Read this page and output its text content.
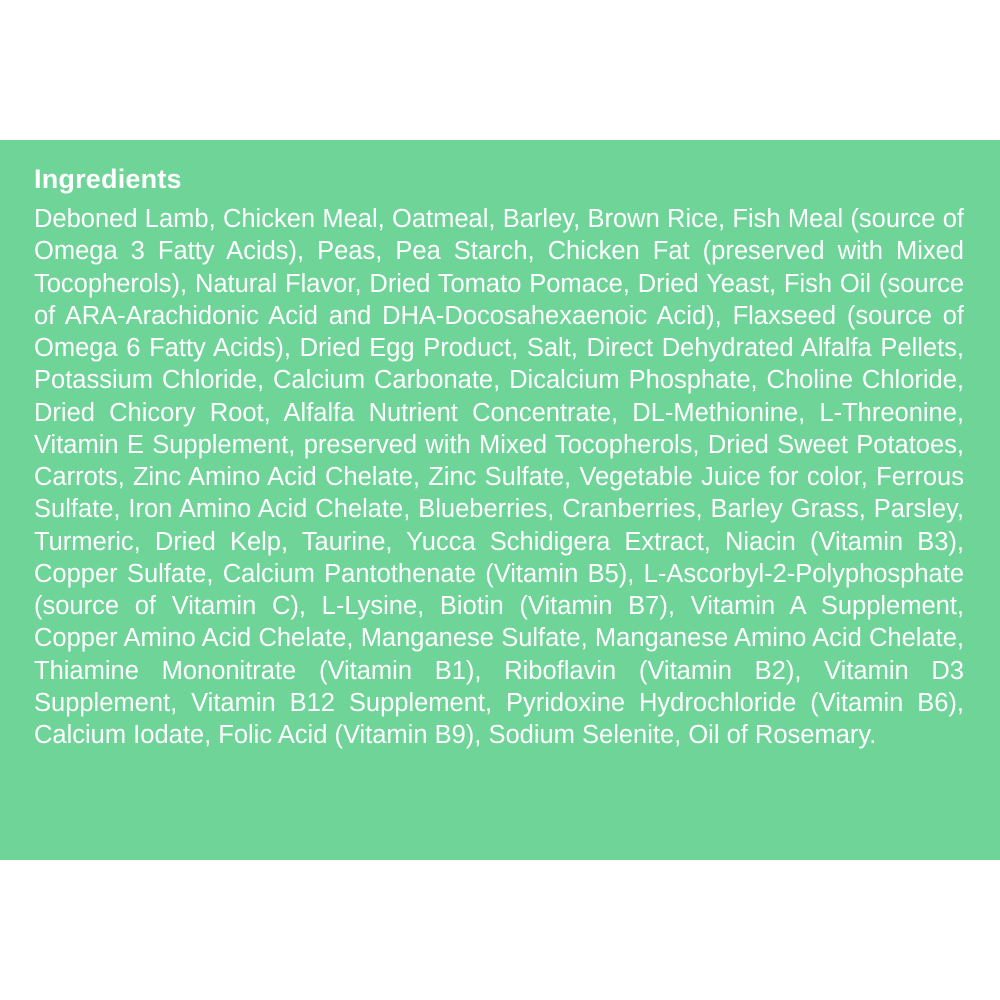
Ingredients

Deboned Lamb, Chicken Meal, Oatmeal, Barley, Brown Rice, Fish Meal (source of Omega 3 Fatty Acids), Peas, Pea Starch, Chicken Fat (preserved with Mixed Tocopherols), Natural Flavor, Dried Tomato Pomace, Dried Yeast, Fish Oil (source of ARA-Arachidonic Acid and DHA-Docosahexaenoic Acid), Flaxseed (source of Omega 6 Fatty Acids), Dried Egg Product, Salt, Direct Dehydrated Alfalfa Pellets, Potassium Chloride, Calcium Carbonate, Dicalcium Phosphate, Choline Chloride, Dried Chicory Root, Alfalfa Nutrient Concentrate, DL-Methionine, L-Threonine, Vitamin E Supplement, preserved with Mixed Tocopherols, Dried Sweet Potatoes, Carrots, Zinc Amino Acid Chelate, Zinc Sulfate, Vegetable Juice for color, Ferrous Sulfate, Iron Amino Acid Chelate, Blueberries, Cranberries, Barley Grass, Parsley, Turmeric, Dried Kelp, Taurine, Yucca Schidigera Extract, Niacin (Vitamin B3), Copper Sulfate, Calcium Pantothenate (Vitamin B5), L-Ascorbyl-2-Polyphosphate (source of Vitamin C), L-Lysine, Biotin (Vitamin B7), Vitamin A Supplement, Copper Amino Acid Chelate, Manganese Sulfate, Manganese Amino Acid Chelate, Thiamine Mononitrate (Vitamin B1), Riboflavin (Vitamin B2), Vitamin D3 Supplement, Vitamin B12 Supplement, Pyridoxine Hydrochloride (Vitamin B6), Calcium Iodate, Folic Acid (Vitamin B9), Sodium Selenite, Oil of Rosemary.
